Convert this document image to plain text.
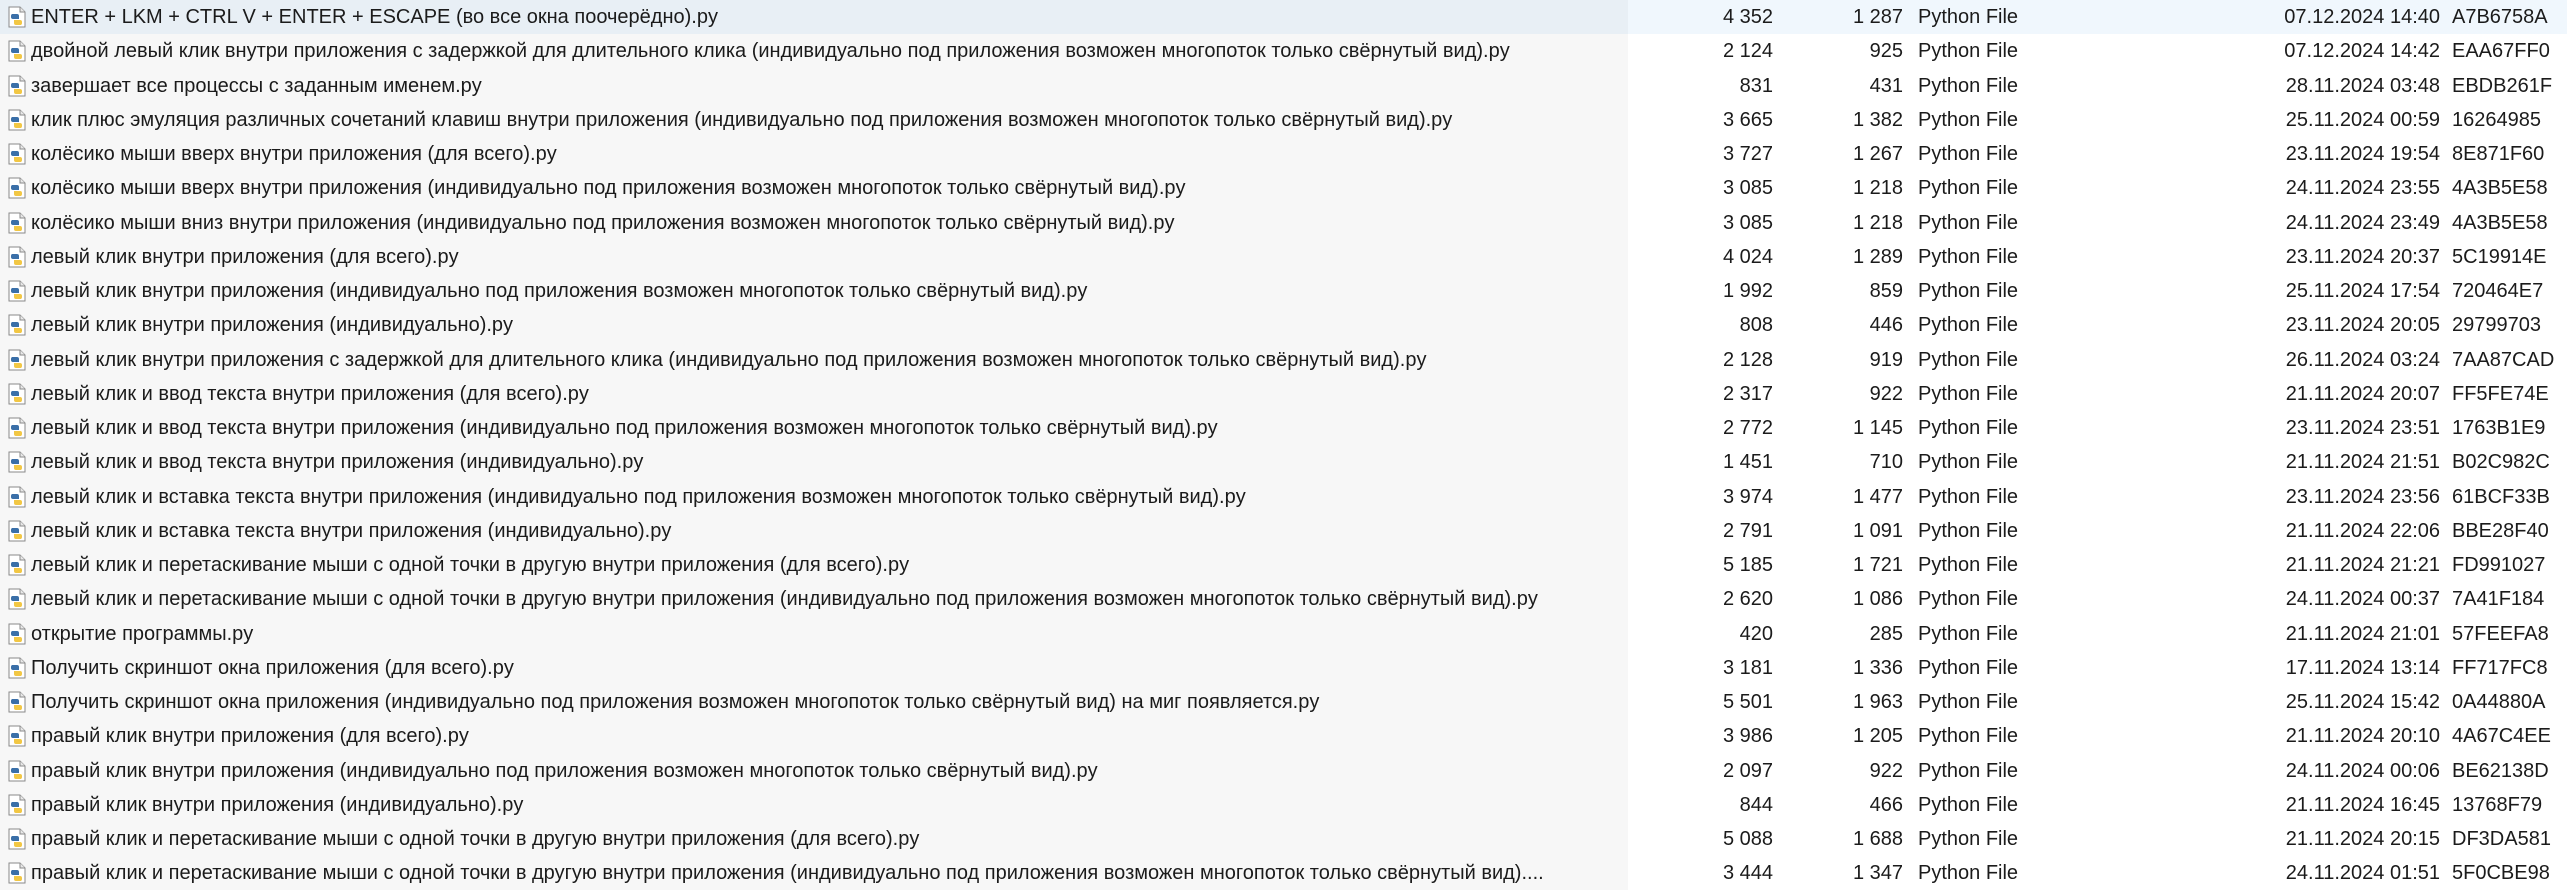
ENTER + LKM + CTRL V + ENTER + ESCAPE (во все окна поочерёдно).py	4 352	1 287 Python File	07.12.2024 14:40 A7B6758A
двойной левый клик внутри приложения с задержкой для длительного клика (индивидуально под приложения возможен многопоток только свёрнутый вид).py	2 124	925 Python File	07.12.2024 14:42 EAA67FF0
завершает все процессы с заданным именем.py	831	431 Python File	28.11.2024 03:48 EBDB261F
клик плюс эмуляция различных сочетаний клавиш внутри приложения (индивидуально под приложения возможен многопоток только свёрнутый вид).py	3 665	1 382 Python File	25.11.2024 00:59 16264985
колёсико мыши вверх внутри приложения (для всего).py	3 727	1 267 Python File	23.11.2024 19:54 8E871F60
колёсико мыши вверх внутри приложения (индивидуально под приложения возможен многопоток только свёрнутый вид).py	3 085	1 218 Python File	24.11.2024 23:55 4A3B5E58
колёсико мыши вниз внутри приложения (индивидуально под приложения возможен многопоток только свёрнутый вид).py	3 085	1 218 Python File	24.11.2024 23:49 4A3B5E58
левый клик внутри приложения (для всего).py	4 024	1 289 Python File	23.11.2024 20:37 5C19914E
левый клик внутри приложения (индивидуально под приложения возможен многопоток только свёрнутый вид).py	1 992	859 Python File	25.11.2024 17:54 720464E7
левый клик внутри приложения (индивидуально).py	808	446 Python File	23.11.2024 20:05 29799703
левый клик внутри приложения с задержкой для длительного клика (индивидуально под приложения возможен многопоток только свёрнутый вид).py	2 128	919 Python File	26.11.2024 03:24 7AA87CAD
левый клик и ввод текста внутри приложения (для всего).py	2 317	922 Python File	21.11.2024 20:07 FF5FE74E
левый клик и ввод текста внутри приложения (индивидуально под приложения возможен многопоток только свёрнутый вид).py	2 772	1 145 Python File	23.11.2024 23:51 1763B1E9
левый клик и ввод текста внутри приложения (индивидуально).py	1 451	710 Python File	21.11.2024 21:51 B02C982C
левый клик и вставка текста внутри приложения (индивидуально под приложения возможен многопоток только свёрнутый вид).py	3 974	1 477 Python File	23.11.2024 23:56 61BCF33B
левый клик и вставка текста внутри приложения (индивидуально).py	2 791	1 091 Python File	21.11.2024 22:06 BBE28F40
левый клик и перетаскивание мыши с одной точки в другую внутри приложения (для всего).py	5 185	1 721 Python File	21.11.2024 21:21 FD991027
левый клик и перетаскивание мыши с одной точки в другую внутри приложения (индивидуально под приложения возможен многопоток только свёрнутый вид).py	2 620	1 086 Python File	24.11.2024 00:37 7A41F184
открытие программы.py	420	285 Python File	21.11.2024 21:01 57FEEFA8
Получить скриншот окна приложения (для всего).py	3 181	1 336 Python File	17.11.2024 13:14 FF717FC8
Получить скриншот окна приложения (индивидуально под приложения возможен многопоток только свёрнутый вид) на миг появляется.py	5 501	1 963 Python File	25.11.2024 15:42 0A44880A
правый клик внутри приложения (для всего).py	3 986	1 205 Python File	21.11.2024 20:10 4A67C4EE
правый клик внутри приложения (индивидуально под приложения возможен многопоток только свёрнутый вид).py	2 097	922 Python File	24.11.2024 00:06 BE62138D
правый клик внутри приложения (индивидуально).py	844	466 Python File	21.11.2024 16:45 13768F79
правый клик и перетаскивание мыши с одной точки в другую внутри приложения (для всего).py	5 088	1 688 Python File	21.11.2024 20:15 DF3DA581
правый клик и перетаскивание мыши с одной точки в другую внутри приложения (индивидуально под приложения возможен многопоток только свёрнутый вид)....	3 444	1 347 Python File	24.11.2024 01:51 5F0CBE98
